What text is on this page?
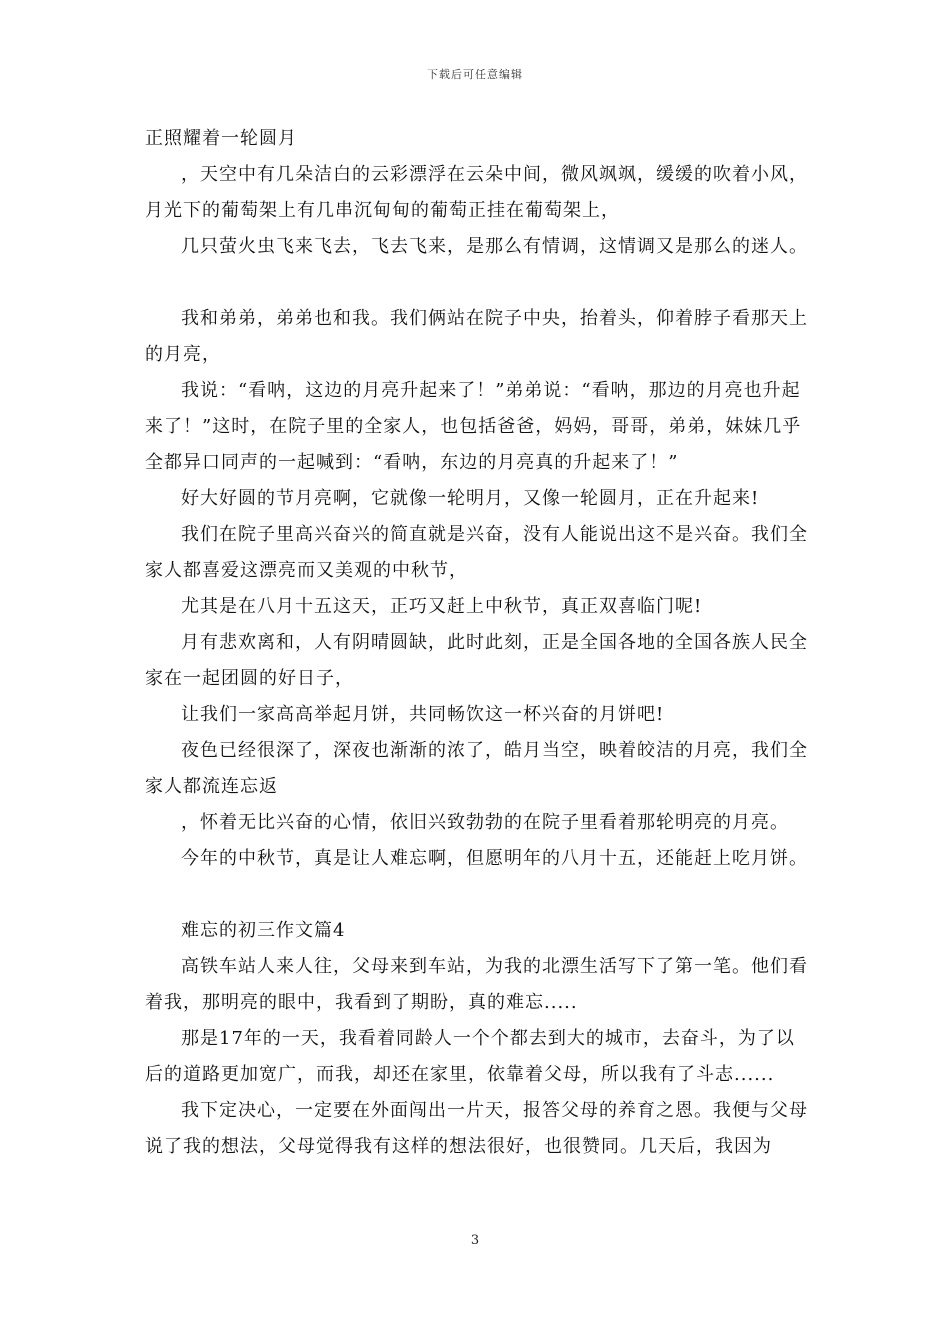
下载后可任意编辑

正照耀着一轮圆月

，天空中有几朵洁白的云彩漂浮在云朵中间，微风飒飒，缓缓的吹着小风，月光下的葡萄架上有几串沉甸甸的葡萄正挂在葡萄架上，

几只萤火虫飞来飞去，飞去飞来，是那么有情调，这情调又是那么的迷人。

我和弟弟，弟弟也和我。我们俩站在院子中央，抬着头，仰着脖子看那天上的月亮，

我说：“看呐，这边的月亮升起来了！”弟弟说：“看呐，那边的月亮也升起来了！”这时，在院子里的全家人，也包括爸爸，妈妈，哥哥，弟弟，妹妹几乎全都异口同声的一起喊到：“看呐，东边的月亮真的升起来了！”

好大好圆的节月亮啊，它就像一轮明月，又像一轮圆月，正在升起来!

我们在院子里高兴奋兴的简直就是兴奋，没有人能说出这不是兴奋。我们全家人都喜爱这漂亮而又美观的中秋节，

尤其是在八月十五这天，正巧又赶上中秋节，真正双喜临门呢!

月有悲欢离和，人有阴晴圆缺，此时此刻，正是全国各地的全国各族人民全家在一起团圆的好日子，

让我们一家高高举起月饼，共同畅饮这一杯兴奋的月饼吧!

夜色已经很深了，深夜也渐渐的浓了，皓月当空，映着皎洁的月亮，我们全家人都流连忘返

，怀着无比兴奋的心情，依旧兴致勃勃的在院子里看着那轮明亮的月亮。

今年的中秋节，真是让人难忘啊，但愿明年的八月十五，还能赶上吃月饼。

难忘的初三作文篇4

高铁车站人来人往，父母来到车站，为我的北漂生活写下了第一笔。他们看着我，那明亮的眼中，我看到了期盼，真的难忘.....

那是17年的一天，我看着同龄人一个个都去到大的城市，去奋斗，为了以后的道路更加宽广，而我，却还在家里，依靠着父母，所以我有了斗志......

我下定决心，一定要在外面闯出一片天，报答父母的养育之恩。我便与父母说了我的想法，父母觉得我有这样的想法很好，也很赞同。几天后，我因为

3
